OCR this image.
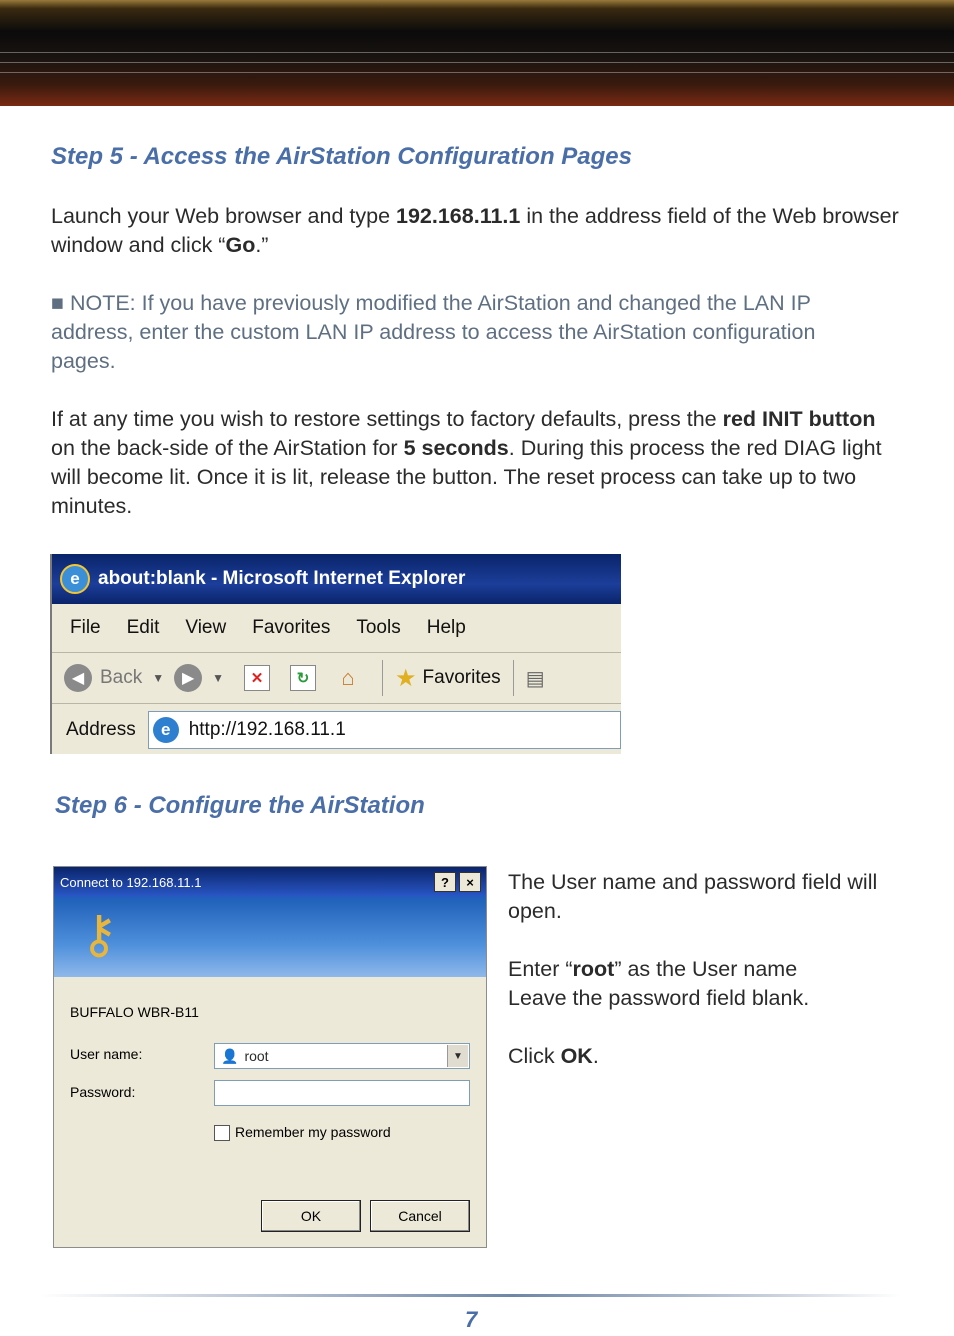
Step 5 - Access the AirStation Configuration Pages

Launch your Web browser and type 192.168.11.1 in the address field of the Web browser window and click “Go.”

■ NOTE: If you have previously modified the AirStation and changed the LAN IP address, enter the custom LAN IP address to access the AirStation configuration pages.

If at any time you wish to restore settings to factory defaults, press the red INIT button on the back-side of the AirStation for 5 seconds. During this process the red DIAG light will become lit. Once it is lit, release the button. The reset process can take up to two minutes.

e about:blank - Microsoft Internet Explorer
File Edit View Favorites Tools Help
◀ Back ▼	▶	▼	✕	↻	⌂ ★ Favorites ▤
Address	e http://192.168.11.1
Step 6 - Configure the AirStation
Connect to 192.168.11.1	?	×
⚷
BUFFALO WBR-B11
User name:	👤 root	▼
Password:
Remember my password
OK	Cancel

The User name and password field will open.

Enter “root” as the User name

Leave the password field blank.

Click OK.

7
